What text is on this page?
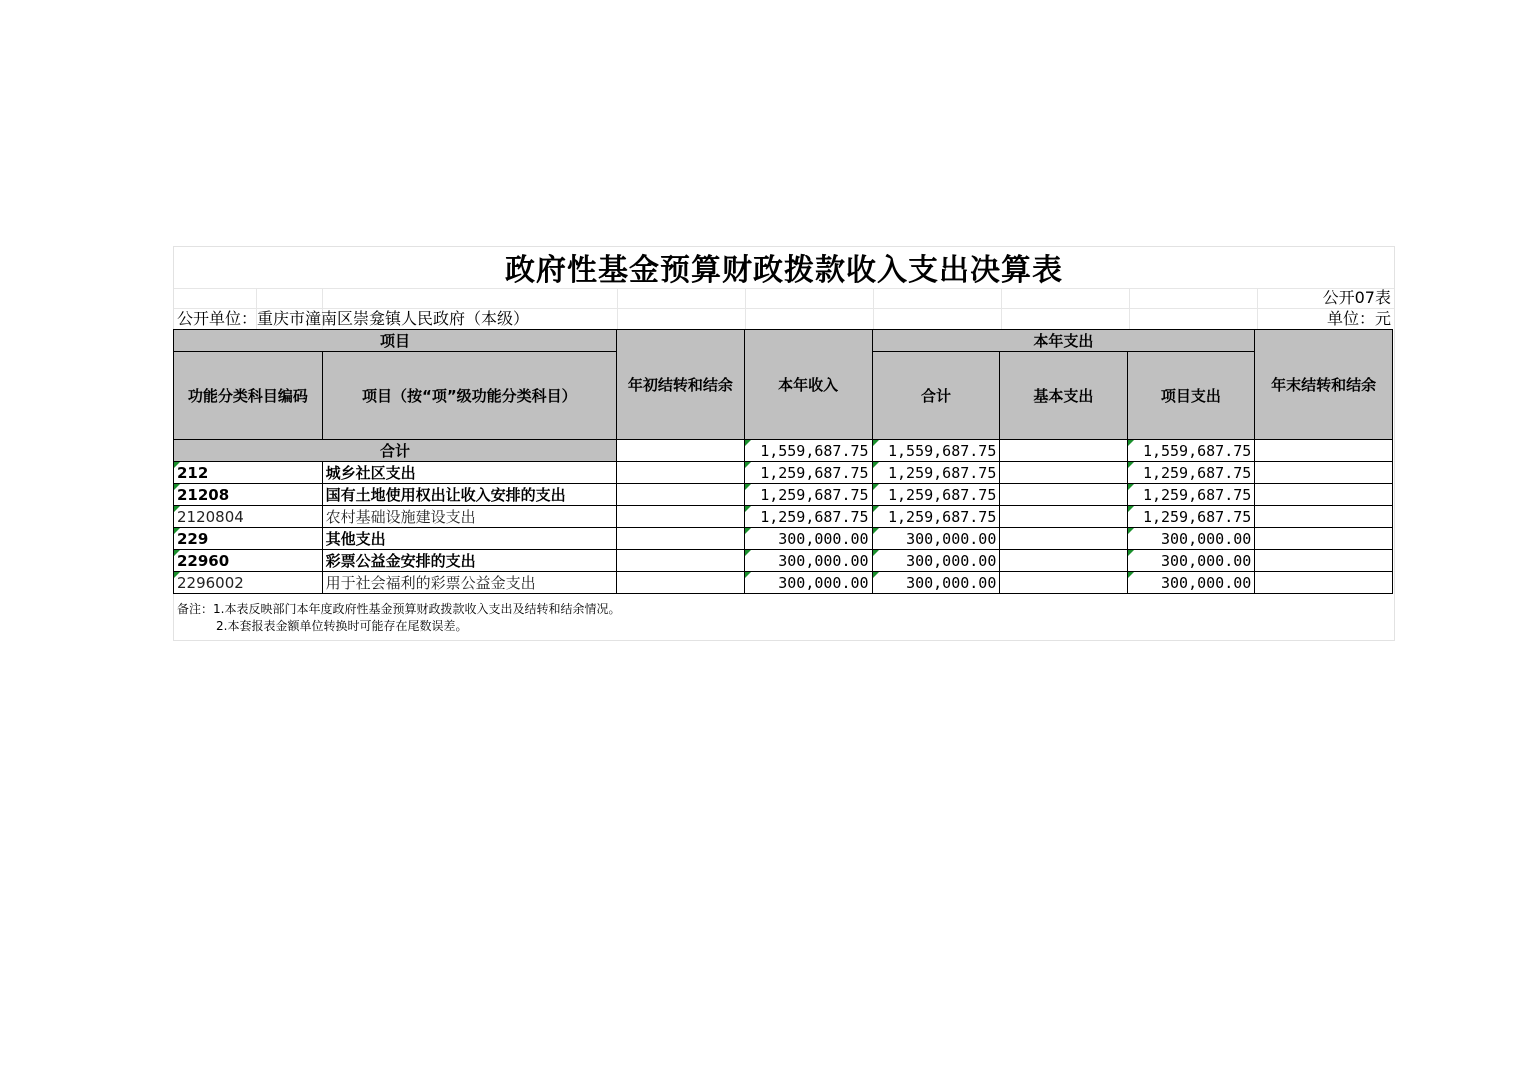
政府性基金预算财政拨款收入支出决算表
公开07表
公开单位：重庆市潼南区崇龛镇人民政府（本级）	单位：元
项目		年初结转和结余	本年收入	本年支出			年末结转和结余
功能分类科目编码	项目（按“项”级功能分类科目）			合计	基本支出	项目支出	
合计			1,559,687.75	1,559,687.75		1,559,687.75	
212	城乡社区支出		1,259,687.75	1,259,687.75		1,259,687.75	
21208	国有土地使用权出让收入安排的支出		1,259,687.75	1,259,687.75		1,259,687.75	
2120804	农村基础设施建设支出		1,259,687.75	1,259,687.75		1,259,687.75	
229	其他支出		300,000.00	300,000.00		300,000.00	
22960	彩票公益金安排的支出		300,000.00	300,000.00		300,000.00	
2296002	用于社会福利的彩票公益金支出		300,000.00	300,000.00		300,000.00	
备注：1.本表反映部门本年度政府性基金预算财政拨款收入支出及结转和结余情况。
2.本套报表金额单位转换时可能存在尾数误差。
